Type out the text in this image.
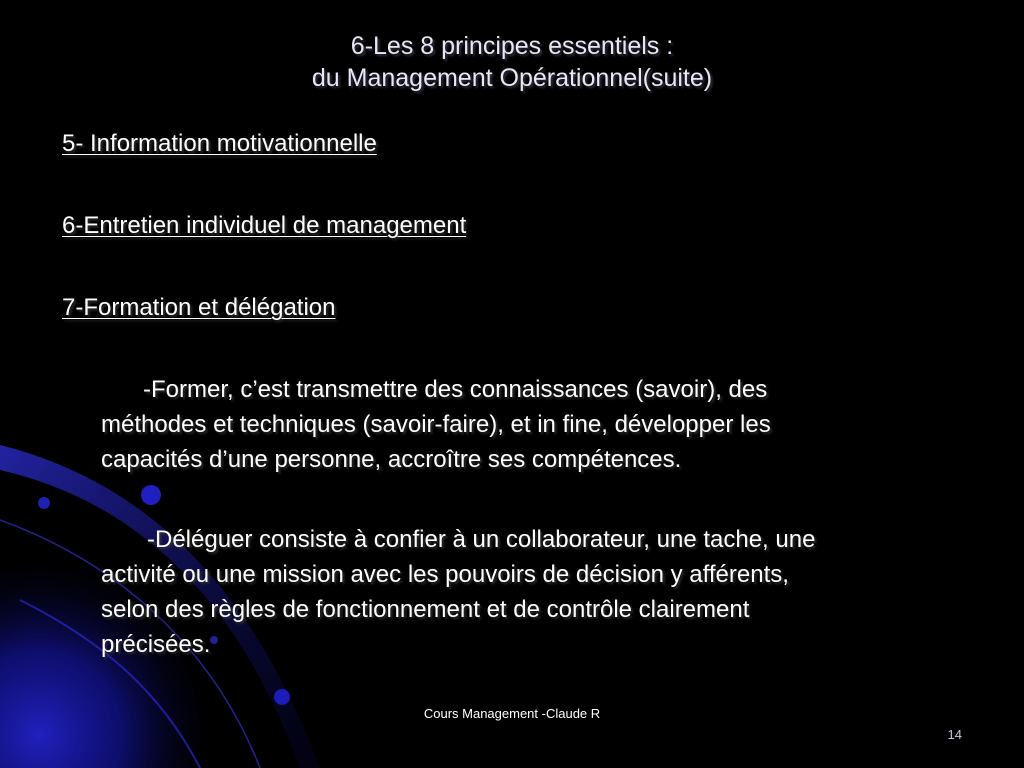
6-Les 8 principes essentiels :
du Management Opérationnel(suite)
5- Information motivationnelle
6-Entretien individuel de management
7-Formation et délégation
-Former, c’est transmettre des connaissances (savoir), des
méthodes et techniques (savoir-faire), et in fine, développer les
capacités d’une personne, accroître ses compétences.
-Déléguer consiste à confier à un collaborateur, une tache, une
activité ou une mission avec les pouvoirs de décision y afférents,
selon des règles de fonctionnement et de contrôle clairement
précisées.
Cours Management -Claude R
14
